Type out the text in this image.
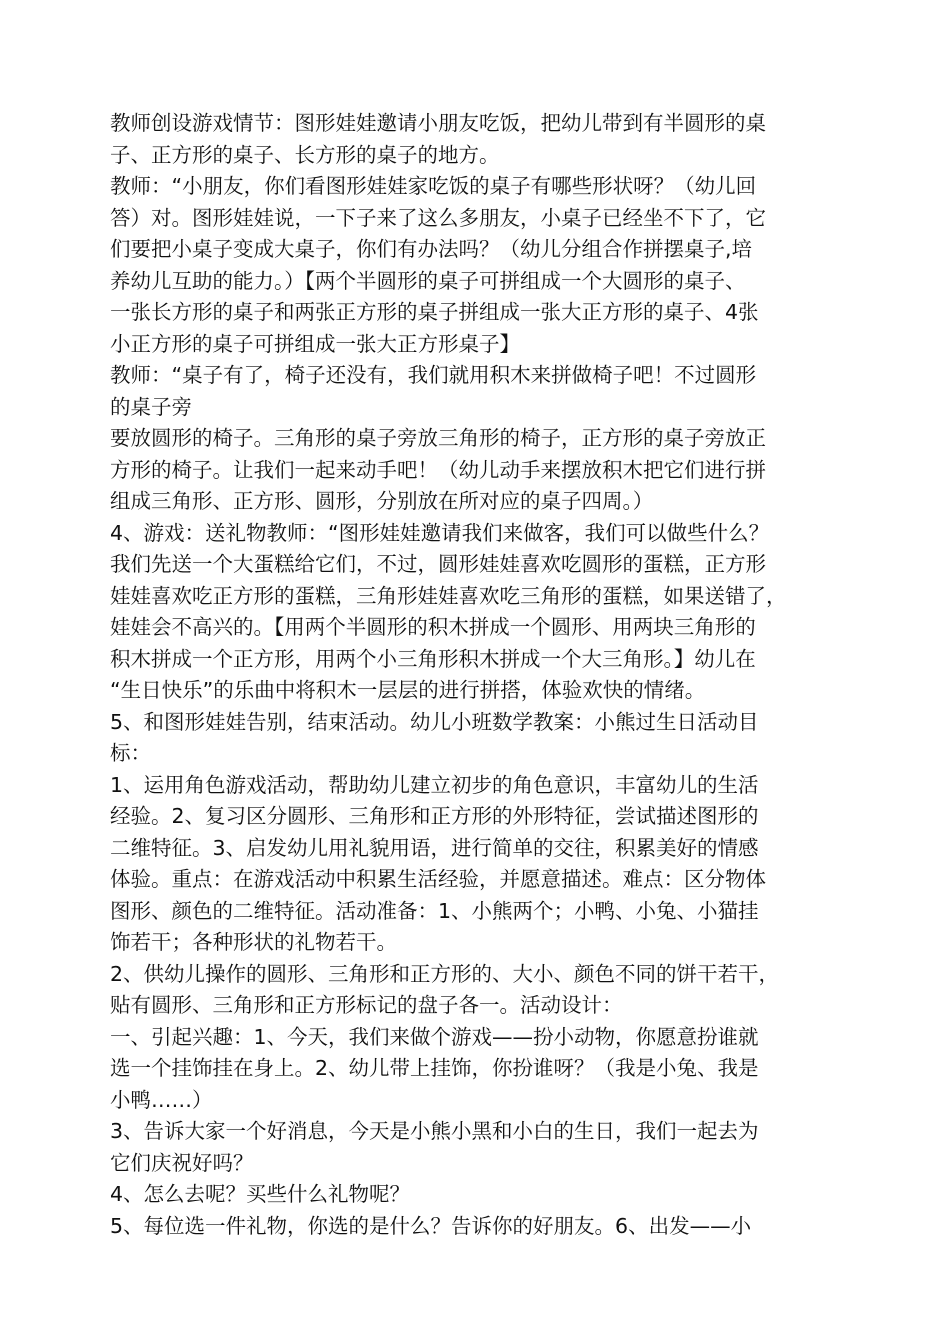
教师创设游戏情节：图形娃娃邀请小朋友吃饭，把幼儿带到有半圆形的桌

子、正方形的桌子、长方形的桌子的地方。

教师：“小朋友，你们看图形娃娃家吃饭的桌子有哪些形状呀？（幼儿回

答）对。图形娃娃说，一下子来了这么多朋友，小桌子已经坐不下了，它

们要把小桌子变成大桌子，你们有办法吗？（幼儿分组合作拼摆桌子,培

养幼儿互助的能力。）【两个半圆形的桌子可拼组成一个大圆形的桌子、

一张长方形的桌子和两张正方形的桌子拼组成一张大正方形的桌子、4张

小正方形的桌子可拼组成一张大正方形桌子】

教师：“桌子有了，椅子还没有，我们就用积木来拼做椅子吧！不过圆形

的桌子旁

要放圆形的椅子。三角形的桌子旁放三角形的椅子，正方形的桌子旁放正

方形的椅子。让我们一起来动手吧！（幼儿动手来摆放积木把它们进行拼

组成三角形、正方形、圆形，分别放在所对应的桌子四周。）

4、游戏：送礼物教师：“图形娃娃邀请我们来做客，我们可以做些什么？

我们先送一个大蛋糕给它们，不过，圆形娃娃喜欢吃圆形的蛋糕，正方形

娃娃喜欢吃正方形的蛋糕，三角形娃娃喜欢吃三角形的蛋糕，如果送错了，

娃娃会不高兴的。【用两个半圆形的积木拼成一个圆形、用两块三角形的

积木拼成一个正方形，用两个小三角形积木拼成一个大三角形。】幼儿在

“生日快乐”的乐曲中将积木一层层的进行拼搭，体验欢快的情绪。

5、和图形娃娃告别，结束活动。幼儿小班数学教案：小熊过生日活动目

标：

1、运用角色游戏活动，帮助幼儿建立初步的角色意识，丰富幼儿的生活

经验。2、复习区分圆形、三角形和正方形的外形特征，尝试描述图形的

二维特征。3、启发幼儿用礼貌用语，进行简单的交往，积累美好的情感

体验。重点：在游戏活动中积累生活经验，并愿意描述。难点：区分物体

图形、颜色的二维特征。活动准备：1、小熊两个；小鸭、小兔、小猫挂

饰若干；各种形状的礼物若干。

2、供幼儿操作的圆形、三角形和正方形的、大小、颜色不同的饼干若干，

贴有圆形、三角形和正方形标记的盘子各一。活动设计：

一、引起兴趣：1、今天，我们来做个游戏——扮小动物，你愿意扮谁就

选一个挂饰挂在身上。2、幼儿带上挂饰，你扮谁呀？（我是小兔、我是

小鸭……）

3、告诉大家一个好消息，今天是小熊小黑和小白的生日，我们一起去为

它们庆祝好吗？

4、怎么去呢？买些什么礼物呢？

5、每位选一件礼物，你选的是什么？告诉你的好朋友。6、出发——小
